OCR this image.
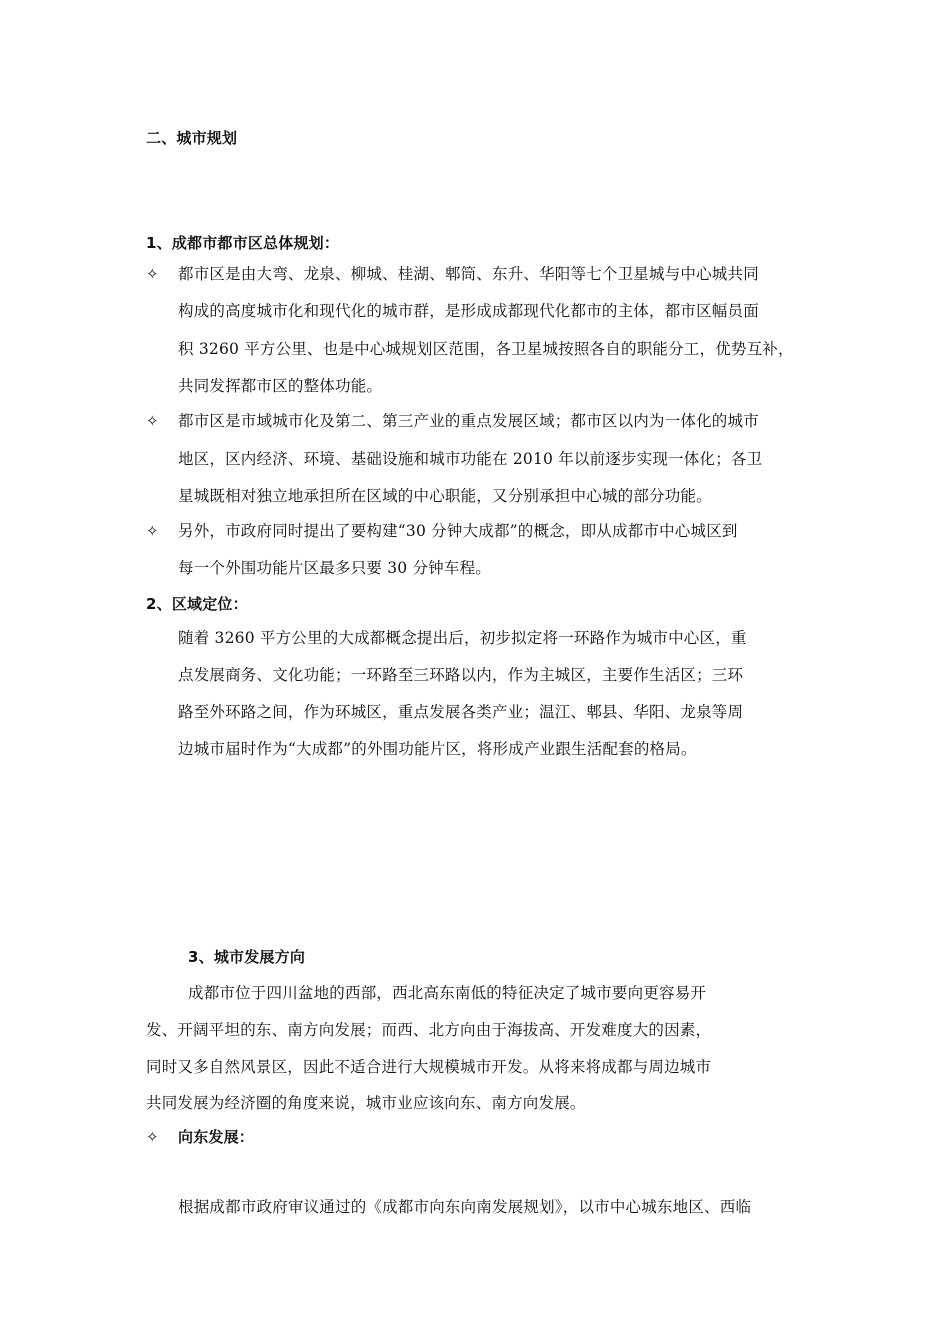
二、城市规划
1、成都市都市区总体规划：
✧ 都市区是由大弯、龙泉、柳城、桂湖、郫筒、东升、华阳等七个卫星城与中心城共同
构成的高度城市化和现代化的城市群，是形成成都现代化都市的主体，都市区幅员面
积 3260 平方公里、也是中心城规划区范围，各卫星城按照各自的职能分工，优势互补，
共同发挥都市区的整体功能。
✧ 都市区是市域城市化及第二、第三产业的重点发展区域；都市区以内为一体化的城市
地区，区内经济、环境、基础设施和城市功能在 2010 年以前逐步实现一体化；各卫
星城既相对独立地承担所在区域的中心职能，又分别承担中心城的部分功能。
✧ 另外，市政府同时提出了要构建“30 分钟大成都”的概念，即从成都市中心城区到
每一个外围功能片区最多只要 30 分钟车程。
2、区域定位：
随着 3260 平方公里的大成都概念提出后，初步拟定将一环路作为城市中心区，重
点发展商务、文化功能；一环路至三环路以内，作为主城区，主要作生活区；三环
路至外环路之间，作为环城区，重点发展各类产业；温江、郫县、华阳、龙泉等周
边城市届时作为“大成都”的外围功能片区，将形成产业跟生活配套的格局。
3、城市发展方向
成都市位于四川盆地的西部，西北高东南低的特征决定了城市要向更容易开
发、开阔平坦的东、南方向发展；而西、北方向由于海拔高、开发难度大的因素，
同时又多自然风景区，因此不适合进行大规模城市开发。从将来将成都与周边城市
共同发展为经济圈的角度来说，城市业应该向东、南方向发展。
✧ 向东发展：
根据成都市政府审议通过的《成都市向东向南发展规划》，以市中心城东地区、西临
